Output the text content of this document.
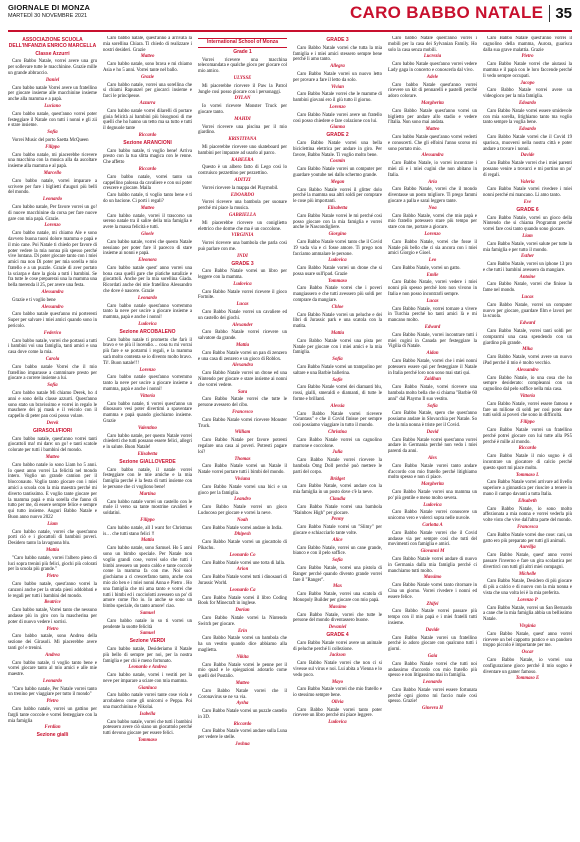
GIORNALE DI MONZA
MARTEDÌ 30 NOVEMBRE 2021	CARO BABBO NATALE 35
ASSOCIAZIONE SCUOLA DELL'INFANZIA ENRICO MARCELLA
Classe Azzurri

Caro Babbo Natale, vorrei avere una gru per sollevare tutte le macchinine. Grazie mille un grande abbraccio.

Daniel

Caro babbo natale Vorrei avere un fratellino per giocare insieme alle macchinine insieme anche alla mamma e a papà.

Luciano

Caro babbo natale, quest'anno vorrei poter festeggiare il Natale con tutti i nonni e gli zii e stare insieme.

Sofia

Vorrei Music del porto Saetta McQueen

Filippo

Caro babbo natale, mi piacerebbe ricevere una macchina con la musica alla da ascoltare insieme alla mamma e al papà.

Marcello

Caro babbo natale, vorrei imparare a scrivere per fare i biglietti d'auguri più belli del mondo.

Leonardo

Caro babbo natale, Per favore vorrei un go! di nuove macchinine da corsa per fare nuove gare con mia papà. Grazie.

Lorenzo

Caro babbo natale, mi chiamo Ale e sono davvero buona tuoni dolore mamma e papà e il mio cane. Poi Natale ti chiedo per favore di poter vedere la mia nonna più spesso perché vive lontana. Di poter giocare tanto con i miei amici ma non Di poter per mia sorella e mio fratello e a un puzzle. Grazie di aver portato la sciarpa e dare la gioia a tutti i bambini. Se fra tutte le cose preparerai una la mamma una bella merenda il 25, per avere una festa.

Alessandra

Grazie e ti voglio bene

Alessandro

Caro babbo natale quest'anno mi porteresti Super per salvare i miei amici quando sono in pericolo.

Federico

Caro babbo natale, vorrei che portassi a tutti i bambini voi una famiglia, tanti amici e una casa dove come la mia.

Carola

Caro babbo natale Vorrei che il mio fratellino imparasse a camminare presto per giocare a correre insieme a lui.

Sofia

Caro babbo natale Mi chiamo Derek, ho 4 anni e sono della classe azzurri. Quest'anno sono stato un bravissimo e vorrei in regalo le maschere dei pj mask e il veicolo con il cappello di peter pan così posso volare.

Derek
GIRASOLI/FIORI

Caro babbo natale, quest'anno vorrei tanti giocattoli ma! mi dare: un go! e tanti scatole colorate per tutti i bambini del mondo.

Matteo

Caro babbo natale io sono Liam ho 5 anni. Io quest anno vorrei La felicità nel mondo intero. Voglio un grande camion per il blocconauto. Voglio tanto giocare con i miei amici a scuola con la mia maestra perché mi diverto tantissimo. E voglio tante giocare per la mamma papà e mia sorella che fanno di tutto per me, di essere sempre felice e sempre qui tutto insieme. Auguri Babbo Natale e Buon anno nuovo 2022

Liam

Caro babbo natale, vorrei che quest'anno porti ciò e i giocattoli di bambini poveri. Desidero tanto la lavagnona blu.

Mattia

"Caro babbo natale, vorrei l'albero pieno di luci sopra trenini più felici, giochi più colorati per la scuola più grande."

Pietro

Caro babbo natale, quest'anno vorrei la canzoni anche per la strada pieni addobbati e le regali per tutti i bambini del mondo.

Beatrice

Caro babbo natale, Vorrei tanto che nessuno andasse più in giro con la mascherina per poter di nuovo vedere i sorrisi.

Pietro

Caro babbo natale, sono Andrea della sezione dei Girasoli. Mi piacerebbe avere tanti go! e trenini.

Andrea

Caro babbo natale, ti voglio tanto bene e vorrei giocare tanto al mio amici e alle mie maestre.

Leonardo

"Caro babbo natale, Per Natale vorrei tanto un trenino per viaggiare per tutto il mondo"

Pietro

Caro babbo natale, vorrei un gattino per fargli tante coccole e vorrei festeggiare con la mia famiglia

Ferdian
Sezione gialli

Caro babbo natale, quest'anno a arrivata la mia sorellina Chiara. Ti chiedo di realizzare i nostri desideri. Grazie

Matteo

Caro babbo natale, sono brava e mi chiamo Asia e ho 5 anni. Vorrei tante nel ballo.

Grazie

Caro babbo natale, vorrei una sorellina che si chiami Rapunzel per giocarci insieme e farci le principesse.

Azzurra

Caro babbo natale vorrei dilarelli di portare gioia felicità ai bambini più bisognosi di me quelli che ho hanno un tetto ma sa tutto e tutti il degnuole tante

Riccardo
Sezione ARANCIONI

Caro babbo natale, ti voglio bene! Arriva presto con la tua slitta magica con le renne. Che affetto

Riccardo

Caro babbo natale, vorrei tanto un cappellino palossa da cavaliere e con sui poter crescere e giocare. Maila

Caro babbo natale, ti voglio tanto bene e ti do un bacione. Ci porti i regali?

Matteo

Caro babbo natale, vorrei il trascorso un sereno natale tra il salire della mia famiglia e avere la massa felicità e tutti.

Gioele

Caro babbo natale, vorrei che questo Natale nessiano per poter fare il pacecco di stare insieme ai nonni e papà.

Eleonora

Caro babbo natale quest' anno vorrei una bona casa quelli gare che piatiche natalizie e giocattoli. Anche per la mia sorellina Giada. Ricordati anche dei mie fratellino Alessandro che dove è nascere. Grazie

Leonardo

Caro babbo natale quest'anno vorremmo tanto la neve per uscire a giocare insieme a mamma, papà e anche i nonni!

Ludovica
Sezione ARCOBALENO

Caro babbo natale ti prometto che farò il bravo e ve più il incendio… cosa tu mi vorrai più fare e se portarmi i regali, e la mamma sarà molto contenta se io divento molto bravo. Ti!. Buon natale!!!

Lorenzo

Caro babbo natale quest'anno vorremmo tanto la neve per uscire a giocare insieme a mamma, papà e anche i nonni!

Vittoria

Caro babbo natale, ti vorrei quest'anno un dinosauro vesi poter divertimi a spaventare mamma e papà quando giochiamo insieme. Grazie

Valentino

Caro babbo natale, per questo Natale vorrei chiederti che tutti possano essere felici, allegri e in salute. Buon Natale!

Elisabetta
Sezione GIALLOVERDE

Caro babbo natale, il natale vorrei festeggiare con le mie amiche e la mia famiglia perché è la festa di tutti insieme con le persone che ci vogliono bene!

Martina

Caro babbo natale vorrei un castello con le mole il verso sa tante mostrine cavalieri e soldatini.

Filippo

Caro babbo natale, all I want for Christmas is… che tutti stano felici !!

Mattia

Caro babbo natale, sono Samuel. Ho 5 anni sono un bimbo speciale. Per Natale non voglio grandi cose, vorrei solo che tutti i bimbi avessero un posto caldo e tante coccole come la mamma fa con me. Noi suoi giochiamo a ci crescerfamo tanto, anche con mio zio ben e i miei nonni Anna e Pietro . Ho una famiglia che mi ama tanto e vorrei che tutti i bimbi ed i cucciolotti avessero un po' di amore come l'ho io. Io anche se sono un bimbo speciale, do tanto amore! ciao.

Samuel

Caro babbo natale io so ti vorrei un pendente la suotte felicità

Samuel
Sezione VERDI

Caro babbo natale, Desideriamo il Natale più bello di sempre per noi, per la nostra famiglia e per chi è meno fortunato.

Leonardo e Andrea

Caro babbo natale, vorrei i vestiti per la neve per imparare a sciare con mia mamma.

Gianluca

Caro babbo natale vorrei tante cose viola e arcobaleno come gli unicorni e Peppa. Poi una macchinina e Nikolai.

Isabella

Caro babbo natale, vorrei che tutti i bambini potessero avere ciò siano un giocattolo perché tutti devono giocare per essere felici.

Tommaso
International School of Monza
Grade 1

Vorrei ricevere una macchina telecomandata e qualche gioco per giocare col mio amico.

ULYSSE

Mi piacerebbe ricevere il Paw la Patrol Jungle così posso giocare con i personaggi.

DYLAN

Io vorrei ricevere Monster Truck per giocare tanto.

MAHDI

Vorrei ricevere una piscina per il mio giardino.

KRISTIYANA

Mi piacerebbe ricevere uno skateboard per bambini per imparare ad usarlo al parco.

KABEERA

Questo è un albero fatto di Lego così lo costruisco pezzettino per pezzettino.

ADITZI

Vorrei ricevere la mappa del Playmobil.

EDOARDO

Vorrei ricevere una bambola per suonare perché mi piace la musica.

GABRIELLA

Mi piacerebbe ricevere un coniglietto elettrico che dorme che ma è un coccolone.

VIRGINIA

Vorrei ricevere una bambola che parla così può parlare con me.

INDI
GRADE 3

Caro Babbo Natale vorrei un libro per leggere con la mamma.

Ludovica

Caro Babbo Natale vorrei ricevere il gioco Fortnite.

Lucas

Caro Babbo Natale vorrei un cavaliere ed un castello dei giochi.

Alexander

Caro Babbo Natale vorrei ricevere un salvatore da grande.

Mattia

Caro Babbo Natale vorrei un pan di zenzero e una casa di zenzero e un gioco di Roblox.

Alexandra

Caro Babbo Natale vorrei un drone ed una Nintendo per giocare e stare insieme ai nonni che vorrei vedere.

Sara

Caro Babbo Natale vorrei che tutte le persone avessero del cibo.

Francesco

Caro Babbo Natale vorrei ricevere Monster Truck.

William

Caro Babbo Natale per favore potresti regalare una casa ai poveri. Potresti pagare loi?

Thomas

Caro Babbo Natale vorrei un Natale il Natale vorrei portare tutti i bimbi del mondo.

Viviana

Caro Babbo Natale vorrei una bici e un gioco per la famiglia.

Leandro

Caro Babbo Natale vorrei un gioco Ludocoso per giocare e vorrei la neve.

Noah

Caro Babbo Natale vorrei andare in India.

Dhipesh

Caro Babbo Natale vorrei un giocattolo di Pikachu.

Leonardo Co

Caro Babbo Natale vorrei une torta di lalla.

Arion

Caro Babbo Natale vorrei tutti i dinosauri di Jurassic World.

Leonardo Ca

Caro Babbo Natale vorrei il libro Coding Book for Minecraft in inglese.

Dorian

Caro Babbo Natale vorrei la Nintendo Switch per giocare.

Erin

Caro Babbo Natale vorrei un bambola che ha un vestito quando dice abbiamo alla maglietta.

Nikita

Caro Babbo Natale vorrei le penne per il mio quad e le spiegazioni adorarlo come quelli del Postalio.

Matteo

Caro Babbo Natale vorrei che il Coronavirus se ne va via.

Aysha

Caro Babbo Natale vorrei un puzzle castello in 3D.

Riccardo

Caro Babbo Natale vorrei andare sulla Luna per vedere le stelle.

Joshua
GRADE 3

Caro Babbo Natale vorrei che tutta la mia famiglia e i miei amici stessero sempre bene perché li amo tanto.

Allegra

Caro Babbo Natale vorrei un nuovo letto per provare a fare il letto da solo.

Vivian

Caro Babbo Natale vorrei che le mamme di bambini giovani ero il giù tutto il giorno.

Lorenzo

Caro Babbo Natale vorrei avere un fratello così posso chiedere e fare colazione con lui.

Gianna
GRADE 2

Caro Babbo Natale vorrei una bella biciclettina elettrica per andare in giro. Per favore, Babbo Natale. Ti voglio molto bene.

Cosmin

Caro Babbo Natale vorrei un computer per guardare youtube nei dallo schermo grande.

Megan

Caro Babbo Natale vorrei il glitter dolo perché la mamma usa altri soldi per comprare le cose più importanti.

Elisabetta

Caro Babbo Natale vorrei le mi perché così posso giocare con la mia famiglia e vorrei anche le Nascondigliere.

Giorgino

Caro Babbo Natale vorrei tanto che il Covid 19 vada via e ci fosse amore. Ti prego non facciamo ammalare le persone.

Ludovica

Caro Babbo Natale vorrei un drone che si possa usare sull'ipad. Grazie

Tommaso

Caro Babbo Natale vorrei che i poveri mangiassero e che tutti avessero più soldi per comprare da mangiare.

Chloe

Caro Babbo Natale vorrei un peluche e dei libri di Jurassic park e una scatola con la matita.

Mattia

Caro Babbo Natale vorrei una pista per Natale per giocare con i miei amici e la mia famiglia.

Sofia

Caro Babbo Natale vorrei un trampolino per saltare e una Barbie ballerina.

Sofie

Caro Babbo Natale vorrei dei diamanti blu, rossi, gialli, smeraldi e diamanti, di tutte le forme e brillanti.

Alessia

Caro Babbo Natale vorrei ricevere "Grantass" e che il Covid finisse per sempre così possiamo viaggiare in tutto il mondo.

Christina

Caro Babbo Natale vorrei un cagnolino marrone e coccolone.

Julia

Caro Babbo Natale vorrei ricevere la bambola Omg Doll perché può mettere le parti del corpo.

Bridget

Caro Babbo Natale, vorrei andare con la mia famiglia in un posto dove c'è la neve.

Claudia

Caro Babbo Natale vorrei una bambola "Rainbow High" per giocare.

Penny

Caro Babbo Natale vorrei un "Slimy" per giocare e schiacciarlo tante volte.

Alice

Caro Babbo Natale, vorrei un cane grande, bianco e con il pelo soffice.

Sofia

Caro Babbo Natale, vorrei una pistola di Ranger perché quando divento grande vorrei fare il "Ranger".

Max

Caro Babbo Natale, vorrei una scatola di Monopoly Builder per giocare con mio papà.

Massimo

Caro Babbo Natale, vorrei che tutte le persone del mondo diventassero buone.

Devaniel
GRADE 4

Caro Babbo Natale vorrei avere un animale di peluche perché li collezione.

Jackson

Caro Babbo Natale vorrei che non ci si vivesse sul virus e noi. Lui abita a Vienna e lo vedo poco.

Mayo

Caro Babbo Natale vorrei che mio fratello e io stessimo sempre bene.

Olivia

Caro Babbo Natale vorrei tanto poter ricevere un libro perché mi piace leggere.

Ludovica

Caro babbo Natale quest'anno vorrei i mobili per la casa dei Sylvanian Family. Ho solo la casa senza mobili.

Lucrezia

Caro babbo Natale quest'anno vorrei vedere Lady gaga in concerto e conoscerla dal vivo.

Adele

Caro babbo Natale quest'anno vorrei ricevere un kit di pennarelli e pastelli perché adoro colorare.

Margherita

Caro Babbo Natale quest'anno vorrei un biglietto per andare allo stadio e vedere l'Italia. Non sono mai andata.

Matteo

Caro babbo Natale quest'anno vorrei vederti e conoscerti. Che gli elfoini l'anno scorso mi sono portato mio.

Alessandra

Caro Babbo Natale, io vorrei incontrare i miei zii e i miei cugini che non abitano in Italia.

Aria

Caro Babbo Natale, vorrei che il mondo diventasse un posto migliore. Ti prego fammi giocare a palla e sarai leggero tante.

Noa

Caro Babbo Natale, vorrei che mio papà e mio fratello potessero stare più tempo per stare con me, portare a giocare.

Lorenzo

Caro Babbo Natale, vorrei che fosse il Natale più bello che ci sia ancora con i miei amici Giorgio e Gioel.

Leo

Caro Babbo Natale, vorrei un gatto.

Emile

Caro Babbo Natale, vorrei vedere i miei nonni più spesso perché loro non vivono in Italia e non posso incontrarli sempre.

Lucas

Caro Babbo Natale, vorrei tornare a vivere in Turchia perché ho tanti amici là e mi mancano molto.

Edward

Caro Babbo Natale, vorrei incontrare tutti i miei cugini in Canada per festeggiare la Vigilia di Natale.

Aidan

Caro Babbo Natale, vorrei che i miei nonni potessero essere qui per festeggiare il Natale in Italia perché loro non sono mai stati qui.

Zaidhan

Caro Babbo Natale, vorrei ricevere una bambola molto bella che si chiama "Barbie 60 anni" dal Playmo Il suo vestito.

Sofia

Caro Babbo Natale, spero che quest'anno possiamo andare in Slovacchia per Natale. So che la mia nonna è triste per il Covid.

David

Caro Babbo Natale vorrei quest'anno vorrei andare in Germania perché non vedo i miei parenti da anni.

Alex

Caro Babbo Natale vorrei tanto andare d'accordo con mio fratello perché litighiamo molto spesso e non ci piace.

Margherita

Caro Babbo Natale vorrei una mamma un po' più gentile e meno molto severa.

Ludovica

Caro Babbo Natale vorrei conoscere un unicorno vero e volerci sopra nelle nuvole.

Carlotta A

Caro Babbo Natale vorrei che il Covid andasse via per sempre così che tutti del movimenti con famiglia e amici.

Giovanni M

Caro Babbo Natale vorrei andare di nuovo in Germania dalla mia famiglia perché ci manchiamo tutti molto.

Massimo

Caro Babbo Natale vorrei tanto ritornare in Cina un giorno. Vorrei rivedere i nonni ed essere felice.

Zhifei

Caro Babbo Natale vorrei passare più tempo con il mio papà e i miei fratelli tutti insieme.

Davide

Caro Babbo Natale vorrei un fratellino perché io adoro giocare con qualcuno tutti i giorni.

Gaia

Caro Babbo Natale vorrei che tutti noi andassimo d'accordo con mio fratello più spesso e non litigassimo mai in famiglia.

Leonardo

Caro Babbo Natale vorrei essere fortunata perché ogni giorno mi faccio male così spesso. Grazie!

Ginevra H

Caro Babbo Natale quest'anno vorrei il cagnolino della mamma, Aurora, guarisca dalla sua grave malattia. Grazie

Pietro

Caro Babbo Natale vorrei che aiutassi la mamma e il papà con le loro faccende perché li vedo sempre occupati.

Jacopo

Caro Babbo Natale vorrei avere un videogioco per la mia famiglia.

Edoardo

Caro Babbo Natale vorrei essere smidevole con mia sorella, litighiamo tanto ma voglio tanto sempre la voglia bene.

Edoardo

Caro Babbo Natale vorrei che il Covid 19 sparisca, muoversi nella nostra città e poter andare a trovare i nonni.

Davide

Caro Babbo Natale vorrei che i miei parenti possano venire a trovarci e mi portino un po' di regali.

Valeria

Caro Babbo Natale vorrei rivedere i miei nonni perché mi mancano. Li amo tanto.

Eve
GRADE 6

Caro Babbo Natale, vorrei un gioco della Nintendo che si chiama Programm perché vorrei fare cosi tanto quando sono giocare.

Liam

Caro Babbo Natale, vorrei salute per tutte la mia famiglia e per tutto il mondo.

Esther

Caro Babbo Natale, vorrei un iphone 13 pro e che tutti i bambini avessero da mangiare.

Antoine

Caro Babbo Natale, vorrei che finisse la fame nel mondo.

Lucas

Caro Babbo Natale, vorrei un computer nuovo per giocare, guardare film e lavori per la scuola.

Edward

Caro Babbo Natale, vorrei tanti soldi per comprarmi una casa spendendo con un giardino più grande.

Mika

Caro Babbo Natale, vorrei avere un nuovo iPad perché il mio è molto vecchio.

Alessandro

Caro Babbo Natale, io una cosa che ho sempre desiderato: compleanni con un cagnolino dal pelo soffice nella mia casa.

Vittoria

Caro Babbo Natale, vorrei essere famoso e fare un milione di soldi per così poter dare tutti soldi ai poveri che sono in difficoltà.

Filippo

Caro Babbo Natale vorrei un fratellino perché potrei giocare con lui tutte alla PS5 perché è mille al mondo.

Riccardo

Caro Babbo Natale il mio sogno è di incontrare un giocatore di calcio perché questo sport mi piace molto.

Tommaso L

Caro Babbo Natale vorrei arrivare ad livello superiore a ginnastica per riuscire a tenere in mano il campo davanti a tutta Italia.

Elisabeth

Caro Babbo Natale, io sono molto affezionata a mia nonna e vorrei vederla più volte visto che vive dall'altra parte del mondo.

Francesca

Caro Babbo Natale vorrei due cose: cani, un gatto ero più preparato per tutti gli animali.

Aurelija

Caro Babbo Natale, quest' anno vorrei passare l'inverno e fare un gita scolastica per divertirci con tutti gli altri miei compagni.

Michelle

Caro Babbo Natale, Desidero di più giocare di più a calcio e di nuovo con la mia nonna e vista che una volta lei è la mia preferita.

Lorenzo P

Caro Babbo Natale, vorrei un San Bernardo a cane che la mia famiglia abbia un bellissimo Natale.

Virginia

Caro Babbo Natale, quest' anno vorrei ricevere un bel cappotto pratico e un pandoro troppo piccolo è importante per me.

Oscar

Caro Babbo Natale, io vorrei una configurazione gioco perché il mio sogno è diventare un gamer famoso.

Tommaso E
